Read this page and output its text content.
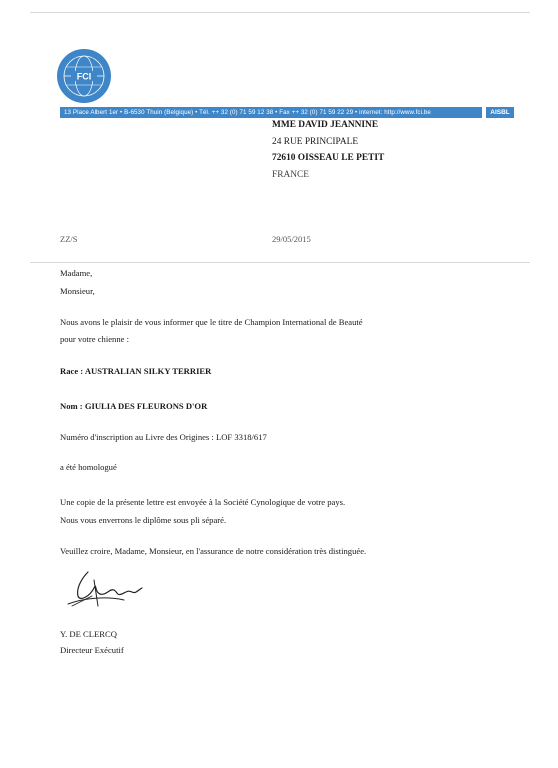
FCI
13 Place Albert 1er • B-6530 Thuin (Belgique) • Tél. ++ 32 (0) 71 59 12 38 • Fax ++ 32 (0) 71 59 22 29 • internet: http://www.fci.be	AISBL
MME DAVID JEANNINE
24 RUE PRINCIPALE
72610 OISSEAU LE PETIT
FRANCE
ZZ/S	29/05/2015
Madame,
Monsieur,
Nous avons le plaisir de vous informer que le titre de Champion International de Beauté
pour votre chienne :
Race : AUSTRALIAN SILKY TERRIER
Nom : GIULIA DES FLEURONS D'OR
Numéro d'inscription au Livre des Origines : LOF 3318/617
a été homologué
Une copie de la présente lettre est envoyée à la Société Cynologique de votre pays.
Nous vous enverrons le diplôme sous pli séparé.
Veuillez croire, Madame, Monsieur, en l'assurance de notre considération très distinguée.
Y. DE CLERCQ
Directeur Exécutif
